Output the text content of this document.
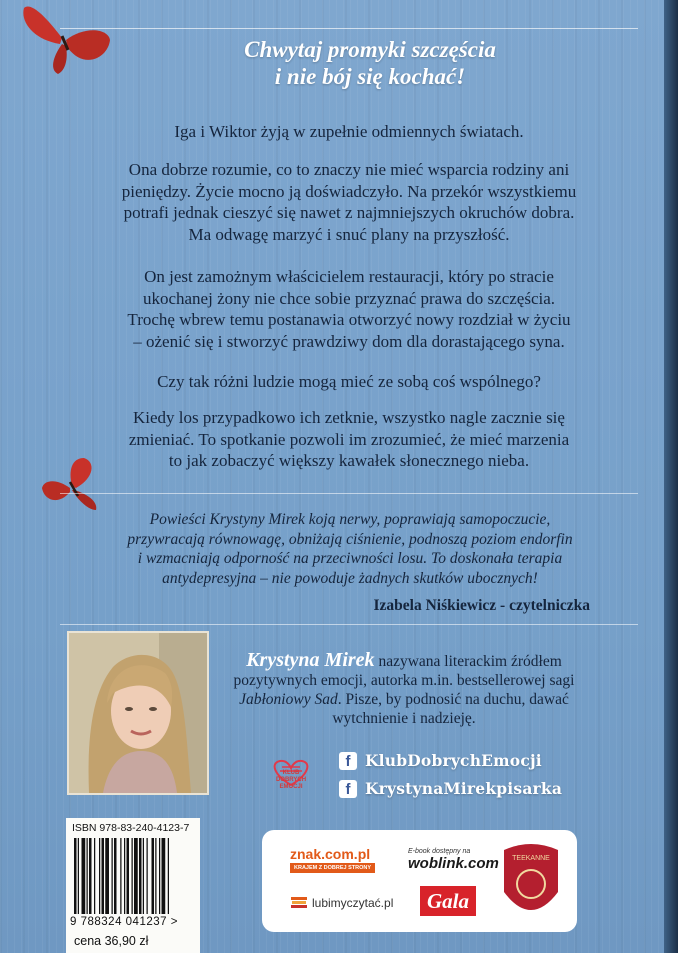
Chwytaj promyki szczęścia
i nie bój się kochać!

Iga i Wiktor żyją w zupełnie odmiennych światach.

Ona dobrze rozumie, co to znaczy nie mieć wsparcia rodziny ani
pieniędzy. Życie mocno ją doświadczyło. Na przekór wszystkiemu
potrafi jednak cieszyć się nawet z najmniejszych okruchów dobra.
Ma odwagę marzyć i snuć plany na przyszłość.

On jest zamożnym właścicielem restauracji, który po stracie
ukochanej żony nie chce sobie przyznać prawa do szczęścia.
Trochę wbrew temu postanawia otworzyć nowy rozdział w życiu
– ożenić się i stworzyć prawdziwy dom dla dorastającego syna.

Czy tak różni ludzie mogą mieć ze sobą coś wspólnego?

Kiedy los przypadkowo ich zetknie, wszystko nagle zacznie się
zmieniać. To spotkanie pozwoli im zrozumieć, że mieć marzenia
to jak zobaczyć większy kawałek słonecznego nieba.

Powieści Krystyny Mirek koją nerwy, poprawiają samopoczucie,
przywracają równowagę, obniżają ciśnienie, podnoszą poziom endorfin
i wzmacniają odporność na przeciwności losu. To doskonała terapia
antydepresyjna – nie powoduje żadnych skutków ubocznych!

Izabela Niśkiewicz - czytelniczka
Krystyna Mirek nazywana literackim źródłem pozytywnych emocji, autorka m.in. bestsellerowej sagi Jabłoniowy Sad. Pisze, by podnosić na duchu, dawać wytchnienie i nadzieję.
KLUB
DOBRYCH
EMOCJI
f KlubDobrychEmocji
f KrystynaMirekpisarka
ISBN 978-83-240-4123-7
9 788324 041237 >
cena 36,90 zł
znak.com.pl
KRAJEM Z DOBREJ STRONY
E-book dostępny na
woblink.com
lubimyczytać.pl	Gala
TEEKANNE
